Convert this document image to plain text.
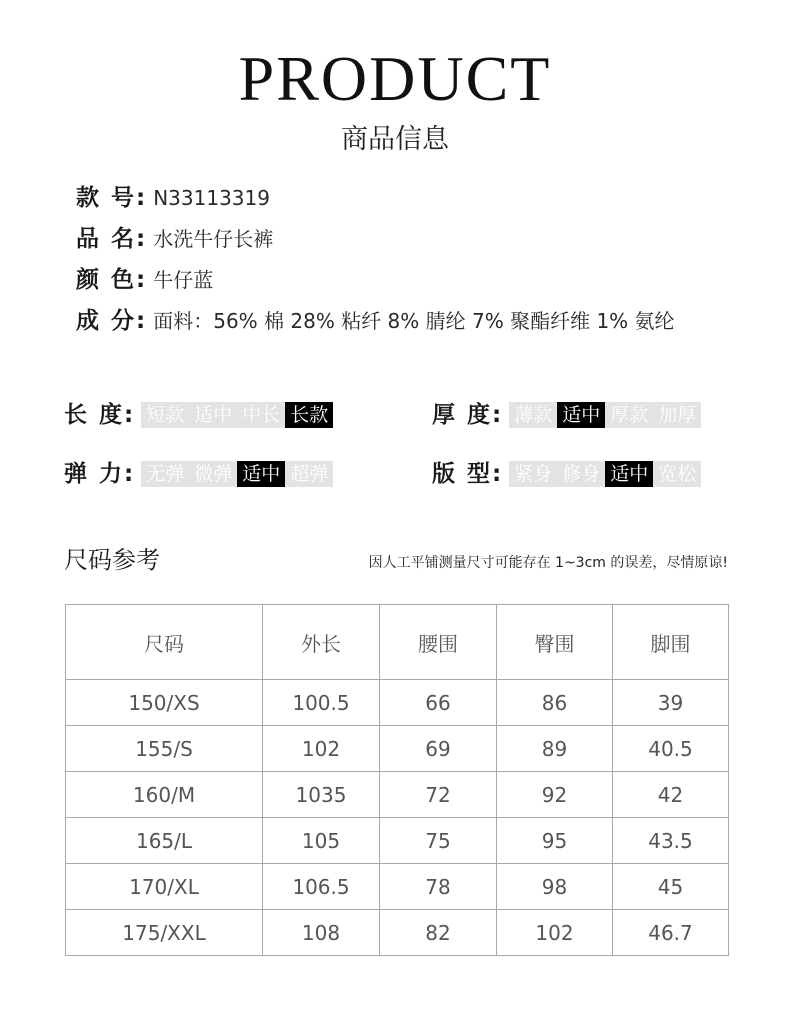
PRODUCT
商品信息
款 号: N33113319
品 名: 水洗牛仔长裤
颜 色: 牛仔蓝
成 分: 面料：56% 棉 28% 粘纤 8% 腈纶 7% 聚酯纤维 1% 氨纶
长 度: 短款 适中 中长 长款	厚 度: 薄款 适中 厚款 加厚
弹 力: 无弹 微弹 适中 超弹	版 型: 紧身 修身 适中 宽松
尺码参考	因人工平铺测量尺寸可能存在 1~3cm 的误差，尽情原谅!
尺码	外长	腰围	臀围	脚围
150/XS	100.5	66	86	39
155/S	102	69	89	40.5
160/M	1035	72	92	42
165/L	105	75	95	43.5
170/XL	106.5	78	98	45
175/XXL	108	82	102	46.7
